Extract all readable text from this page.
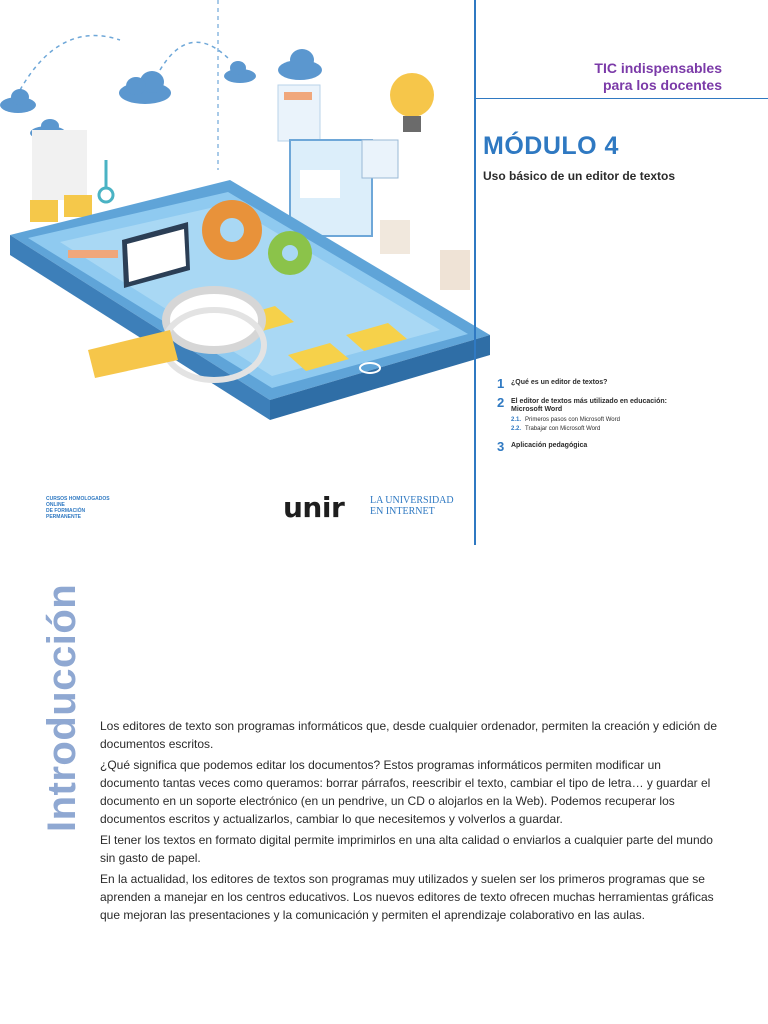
TIC indispensables
para los docentes
MÓDULO 4
Uso básico de un editor de textos
1 ¿Qué es un editor de textos?
2 El editor de textos más utilizado en educación:
Microsoft Word
2.1. Primeros pasos con Microsoft Word
2.2. Trabajar con Microsoft Word
3 Aplicación pedagógica
CURSOS HOMOLOGADOS
ONLINE
DE FORMACIÓN
PERMANENTE	unir	LA UNIVERSIDAD
EN INTERNET
Introducción Los editores de texto son programas informáticos que, desde cualquier ordenador, permiten la creación y edición de documentos escritos.

¿Qué significa que podemos editar los documentos? Estos programas informáticos permiten modificar un documento tantas veces como queramos: borrar párrafos, reescribir el texto, cambiar el tipo de letra… y guardar el documento en un soporte electrónico (en un pendrive, un CD o alojarlos en la Web). Podemos recuperar los documentos escritos y actualizarlos, cambiar lo que necesitemos y volverlos a guardar.

El tener los textos en formato digital permite imprimirlos en una alta calidad o enviarlos a cualquier parte del mundo sin gasto de papel.

En la actualidad, los editores de textos son programas muy utilizados y suelen ser los primeros programas que se aprenden a manejar en los centros educativos. Los nuevos editores de texto ofrecen muchas herramientas gráficas que mejoran las presentaciones y la comunicación y permiten el aprendizaje colaborativo en las aulas.
